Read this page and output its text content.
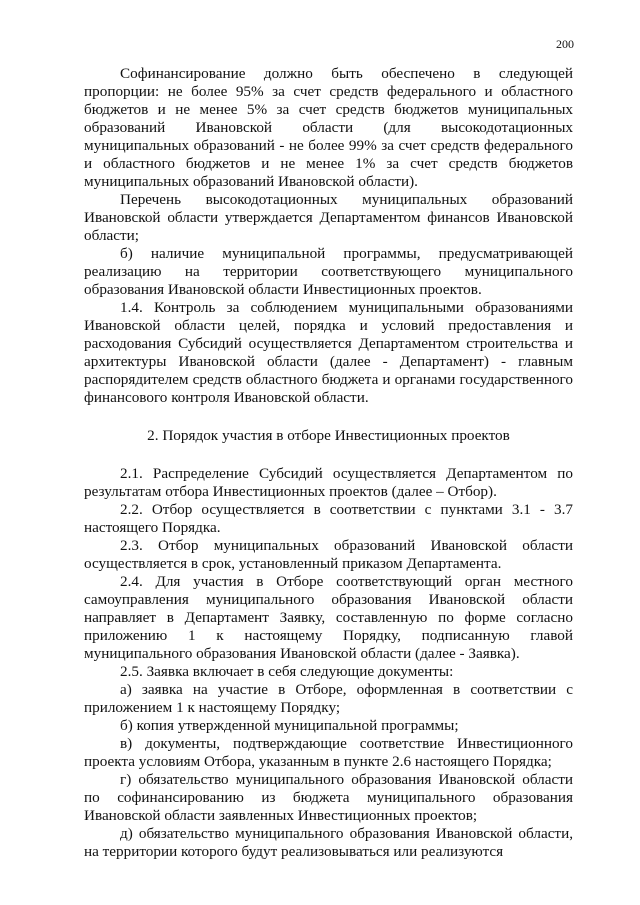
200

Софинансирование должно быть обеспечено в следующей пропорции: не более 95% за счет средств федерального и областного бюджетов и не менее 5% за счет средств бюджетов муниципальных образований Ивановской области (для высокодотационных муниципальных образований - не более 99% за счет средств федерального и областного бюджетов и не менее 1% за счет средств бюджетов муниципальных образований Ивановской области).

Перечень высокодотационных муниципальных образований Ивановской области утверждается Департаментом финансов Ивановской области;

б) наличие муниципальной программы, предусматривающей реализацию на территории соответствующего муниципального образования Ивановской области Инвестиционных проектов.

1.4. Контроль за соблюдением муниципальными образованиями Ивановской области целей, порядка и условий предоставления и расходования Субсидий осуществляется Департаментом строительства и архитектуры Ивановской области (далее - Департамент) - главным распорядителем средств областного бюджета и органами государственного финансового контроля Ивановской области.

2. Порядок участия в отборе Инвестиционных проектов

2.1. Распределение Субсидий осуществляется Департаментом по результатам отбора Инвестиционных проектов (далее – Отбор).

2.2. Отбор осуществляется в соответствии с пунктами 3.1 - 3.7 настоящего Порядка.

2.3. Отбор муниципальных образований Ивановской области осуществляется в срок, установленный приказом Департамента.

2.4. Для участия в Отборе соответствующий орган местного самоуправления муниципального образования Ивановской области направляет в Департамент Заявку, составленную по форме согласно приложению 1 к настоящему Порядку, подписанную главой муниципального образования Ивановской области (далее - Заявка).

2.5. Заявка включает в себя следующие документы:

а) заявка на участие в Отборе, оформленная в соответствии с приложением 1 к настоящему Порядку;

б) копия утвержденной муниципальной программы;

в) документы, подтверждающие соответствие Инвестиционного проекта условиям Отбора, указанным в пункте 2.6 настоящего Порядка;

г) обязательство муниципального образования Ивановской области по софинансированию из бюджета муниципального образования Ивановской области заявленных Инвестиционных проектов;

д) обязательство муниципального образования Ивановской области, на территории которого будут реализовываться или реализуются
